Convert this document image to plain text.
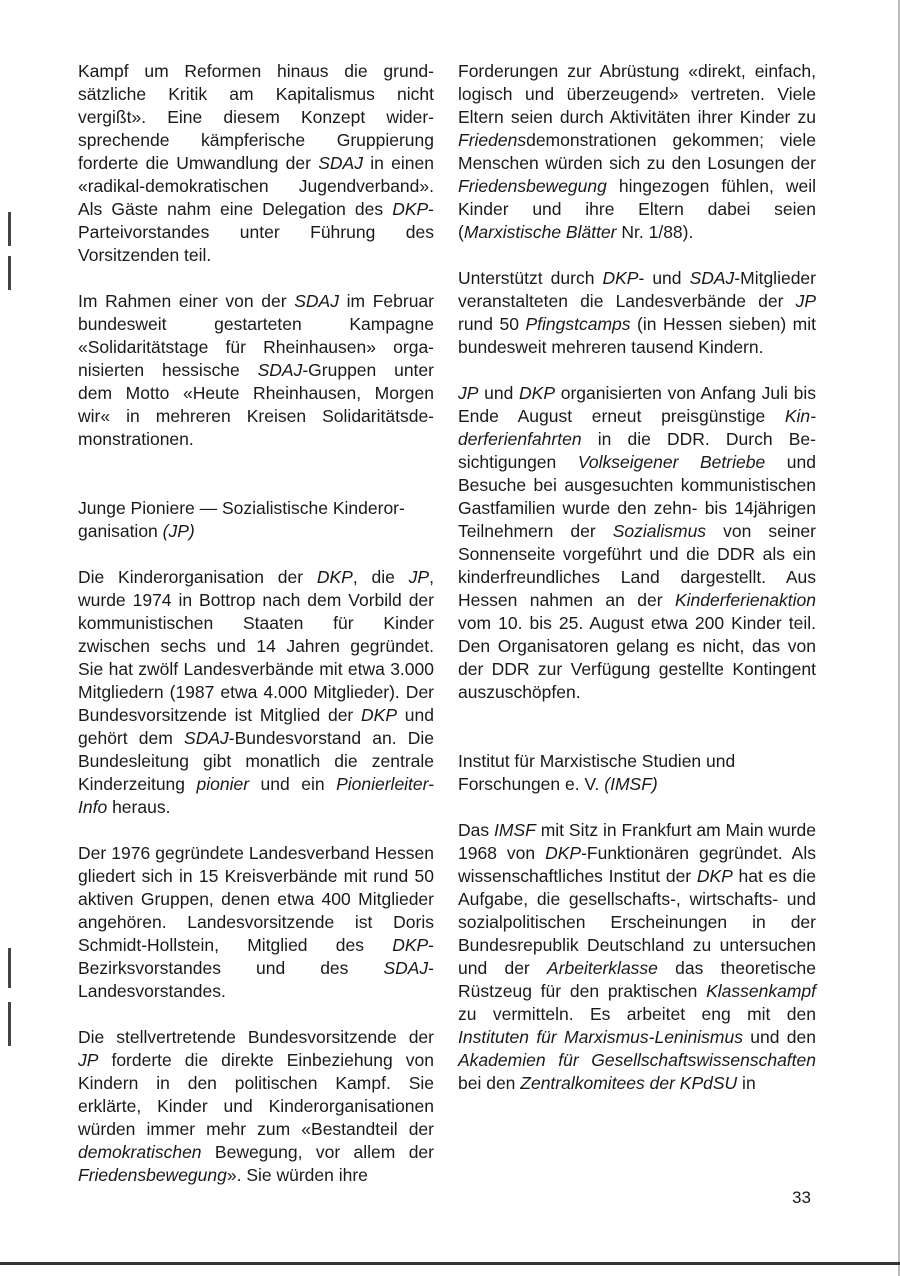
Kampf um Reformen hinaus die grundsätzliche Kritik am Kapitalismus nicht vergißt». Eine diesem Konzept widersprechende kämpferische Gruppierung forderte die Umwandlung der SDAJ in einen «radikal-demokratischen Jugendverband». Als Gäste nahm eine Delegation des DKP-Parteivorstandes unter Führung des Vorsitzenden teil.

Im Rahmen einer von der SDAJ im Februar bundesweit gestarteten Kampagne «Solidaritätstage für Rheinhausen» organisierten hessische SDAJ-Gruppen unter dem Motto «Heute Rheinhausen, Morgen wir« in mehreren Kreisen Solidaritätsdemonstrationen.

Junge Pioniere — Sozialistische Kinderorganisation (JP)

Die Kinderorganisation der DKP, die JP, wurde 1974 in Bottrop nach dem Vorbild der kommunistischen Staaten für Kinder zwischen sechs und 14 Jahren gegründet. Sie hat zwölf Landesverbände mit etwa 3.000 Mitgliedern (1987 etwa 4.000 Mitglieder). Der Bundesvorsitzende ist Mitglied der DKP und gehört dem SDAJ-Bundesvorstand an. Die Bundesleitung gibt monatlich die zentrale Kinderzeitung pionier und ein Pionierleiter-Info heraus.

Der 1976 gegründete Landesverband Hessen gliedert sich in 15 Kreisverbände mit rund 50 aktiven Gruppen, denen etwa 400 Mitglieder angehören. Landesvorsitzende ist Doris Schmidt-Hollstein, Mitglied des DKP-Bezirksvorstandes und des SDAJ-Landesvorstandes.

Die stellvertretende Bundesvorsitzende der JP forderte die direkte Einbeziehung von Kindern in den politischen Kampf. Sie erklärte, Kinder und Kinderorganisationen würden immer mehr zum «Bestandteil der demokratischen Bewegung, vor allem der Friedensbewegung». Sie würden ihre

Forderungen zur Abrüstung «direkt, einfach, logisch und überzeugend» vertreten. Viele Eltern seien durch Aktivitäten ihrer Kinder zu Friedensdemonstrationen gekommen; viele Menschen würden sich zu den Losungen der Friedensbewegung hingezogen fühlen, weil Kinder und ihre Eltern dabei seien (Marxistische Blätter Nr. 1/88).

Unterstützt durch DKP- und SDAJ-Mitglieder veranstalteten die Landesverbände der JP rund 50 Pfingstcamps (in Hessen sieben) mit bundesweit mehreren tausend Kindern.

JP und DKP organisierten von Anfang Juli bis Ende August erneut preisgünstige Kinderferienfahrten in die DDR. Durch Besichtigungen Volkseigener Betriebe und Besuche bei ausgesuchten kommunistischen Gastfamilien wurde den zehn- bis 14jährigen Teilnehmern der Sozialismus von seiner Sonnenseite vorgeführt und die DDR als ein kinderfreundliches Land dargestellt. Aus Hessen nahmen an der Kinderferienaktion vom 10. bis 25. August etwa 200 Kinder teil. Den Organisatoren gelang es nicht, das von der DDR zur Verfügung gestellte Kontingent auszuschöpfen.

Institut für Marxistische Studien und Forschungen e. V. (IMSF)

Das IMSF mit Sitz in Frankfurt am Main wurde 1968 von DKP-Funktionären gegründet. Als wissenschaftliches Institut der DKP hat es die Aufgabe, die gesellschafts-, wirtschafts- und sozialpolitischen Erscheinungen in der Bundesrepublik Deutschland zu untersuchen und der Arbeiterklasse das theoretische Rüstzeug für den praktischen Klassenkampf zu vermitteln. Es arbeitet eng mit den Instituten für Marxismus-Leninismus und den Akademien für Gesellschaftswissenschaften bei den Zentralkomitees der KPdSU in

33
